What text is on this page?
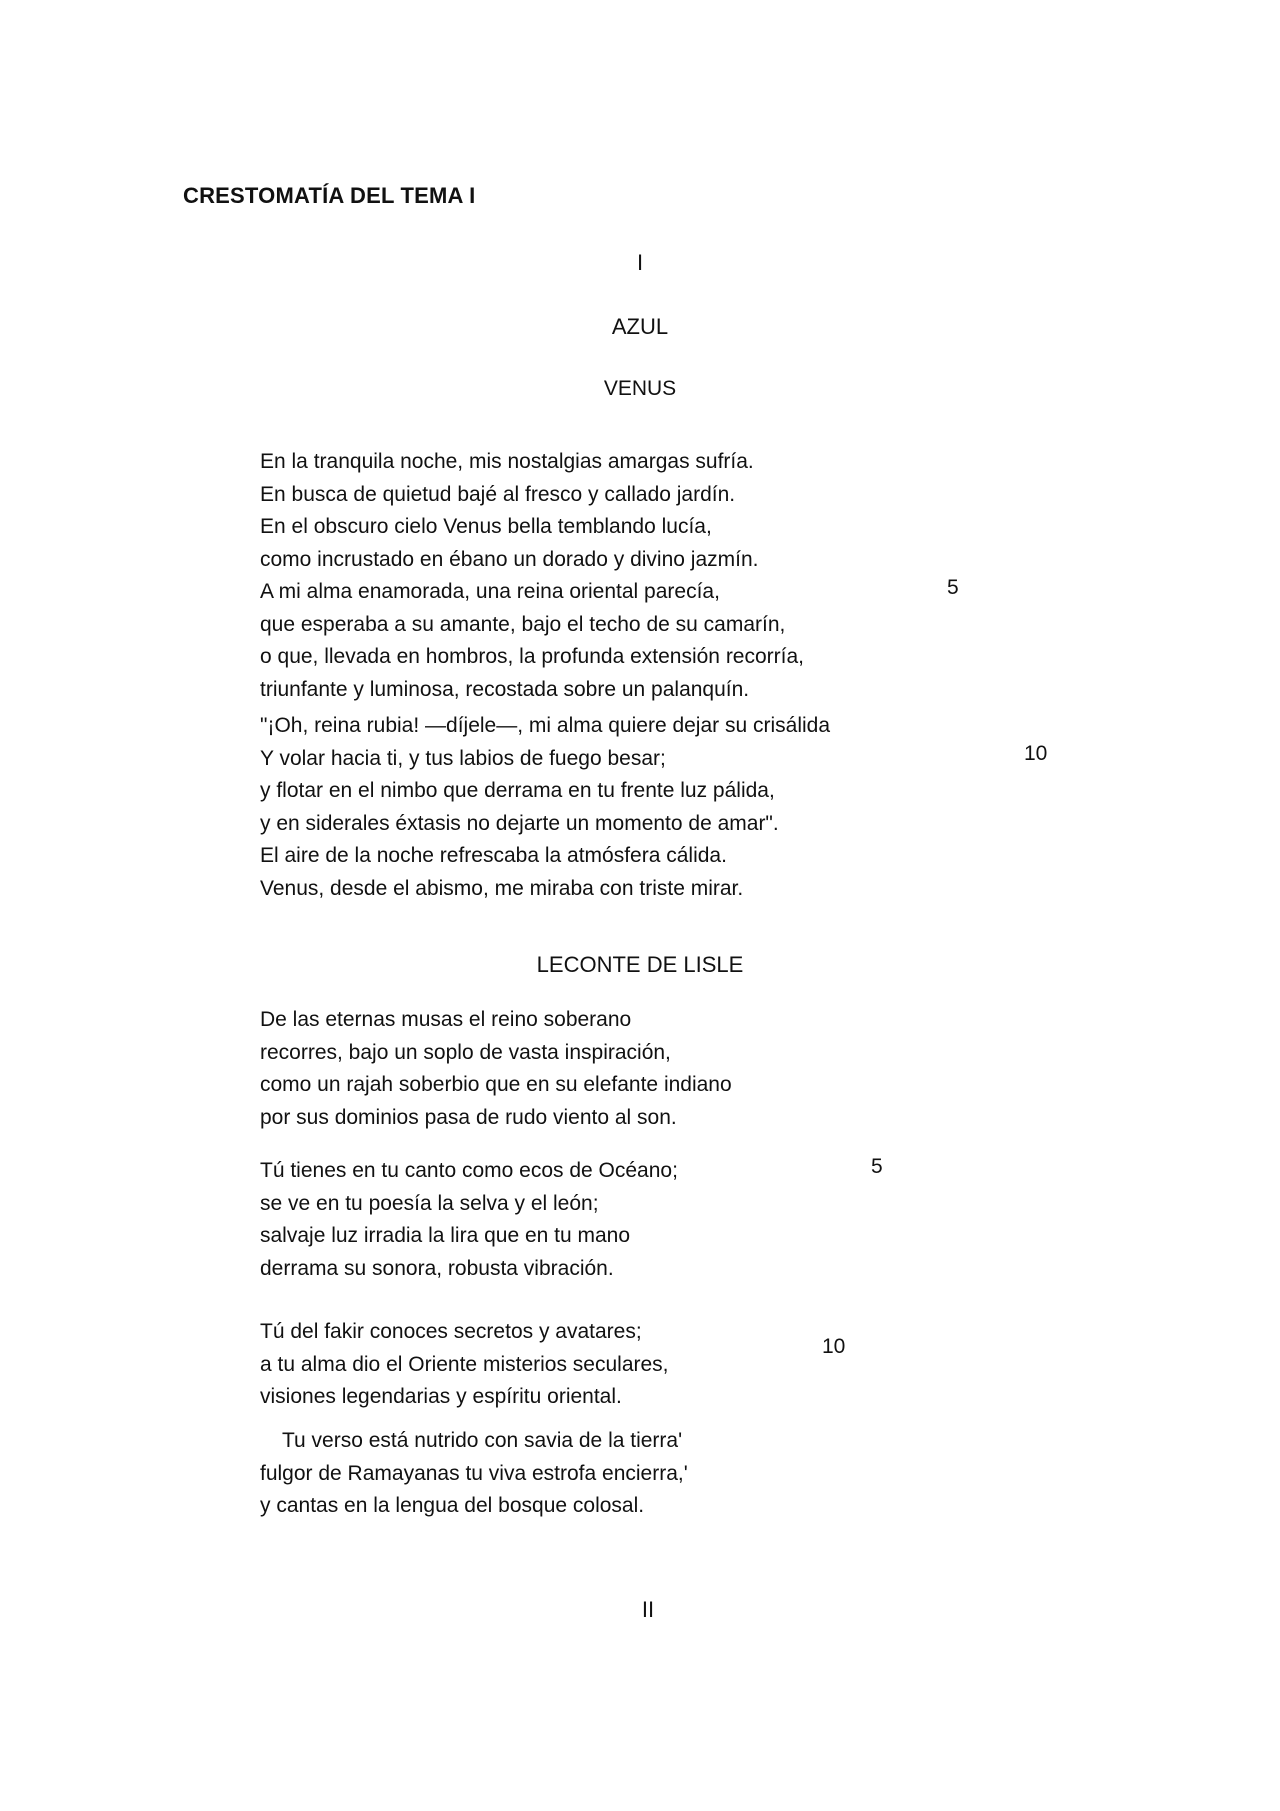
CRESTOMATÍA DEL TEMA I
I
AZUL
VENUS
En la tranquila noche, mis nostalgias amargas sufría.
En busca de quietud bajé al fresco y callado jardín.
En el obscuro cielo Venus bella temblando lucía,
como incrustado en ébano un dorado y divino jazmín.
A mi alma enamorada, una reina oriental parecía,
que esperaba a su amante, bajo el techo de su camarín,
o que, llevada en hombros, la profunda extensión recorría,
triunfante y luminosa, recostada sobre un palanquín.
"¡Oh, reina rubia! —díjele—, mi alma quiere dejar su crisálida
Y volar hacia ti, y tus labios de fuego besar;
y flotar en el nimbo que derrama en tu frente luz pálida,
y en siderales éxtasis no dejarte un momento de amar".
El aire de la noche refrescaba la atmósfera cálida.
Venus, desde el abismo, me miraba con triste mirar.
5
10
LECONTE DE LISLE
De las eternas musas el reino soberano
recorres, bajo un soplo de vasta inspiración,
como un rajah soberbio que en su elefante indiano
por sus dominios pasa de rudo viento al son.
Tú tienes en tu canto como ecos de Océano;
se ve en tu poesía la selva y el león;
salvaje luz irradia la lira que en tu mano
derrama su sonora, robusta vibración.
5
Tú del fakir conoces secretos y avatares;
a tu alma dio el Oriente misterios seculares,
visiones legendarias y espíritu oriental.
10
Tu verso está nutrido con savia de la tierra'
fulgor de Ramayanas tu viva estrofa encierra,'
y cantas en la lengua del bosque colosal.
II
